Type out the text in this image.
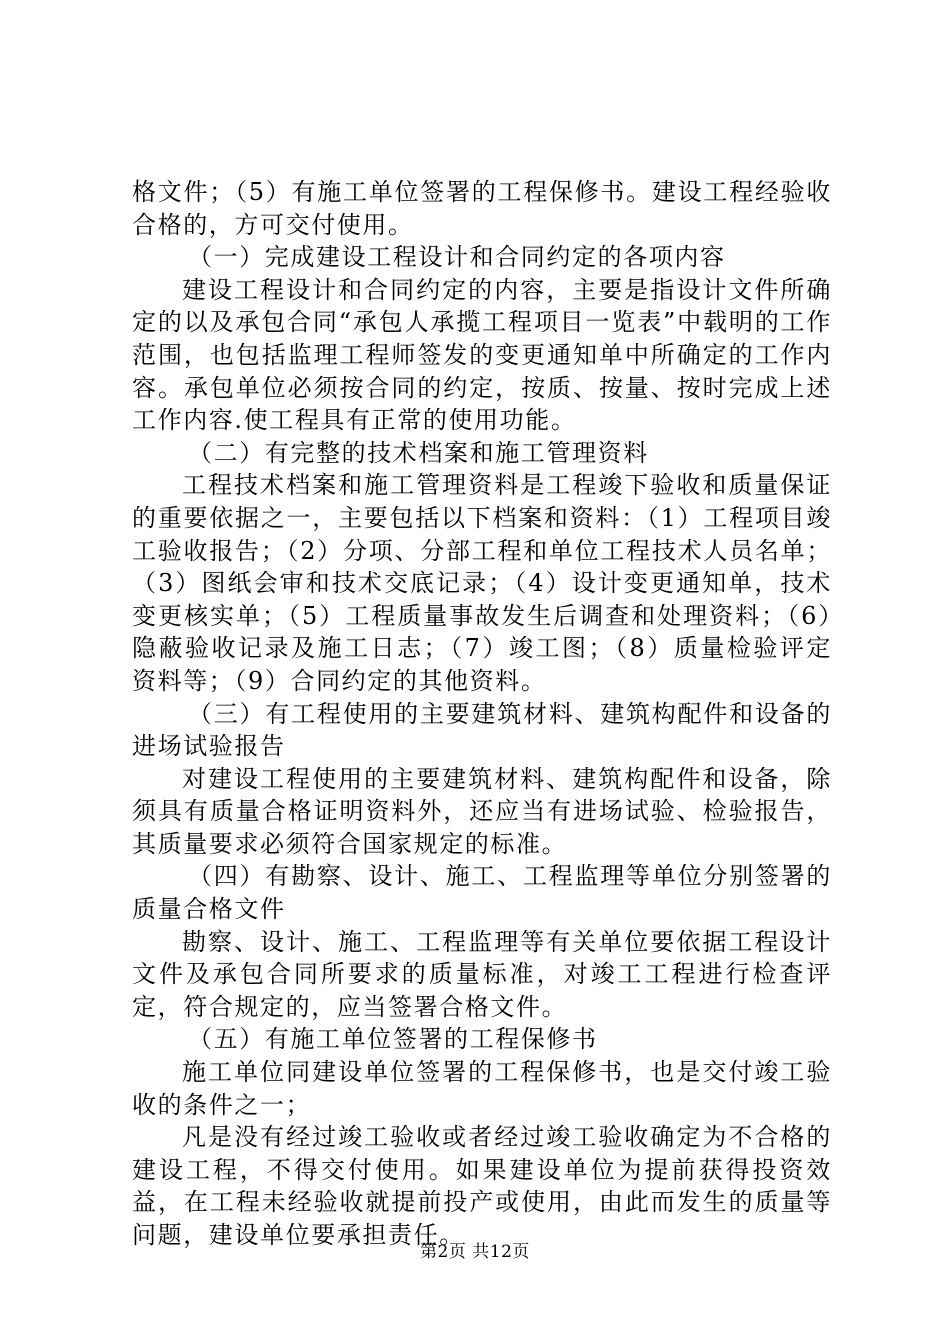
格文件；（5）有施工单位签署的工程保修书。建设工程经验收合格的，方可交付使用。

（一）完成建设工程设计和合同约定的各项内容

建设工程设计和合同约定的内容，主要是指设计文件所确定的以及承包合同“承包人承揽工程项目一览表”中载明的工作范围，也包括监理工程师签发的变更通知单中所确定的工作内容。承包单位必须按合同的约定，按质、按量、按时完成上述工作内容.使工程具有正常的使用功能。

（二）有完整的技术档案和施工管理资料

工程技术档案和施工管理资料是工程竣下验收和质量保证的重要依据之一，主要包括以下档案和资料：（1）工程项目竣工验收报告；（2）分项、分部工程和单位工程技术人员名单；（3）图纸会审和技术交底记录；（4）设计变更通知单，技术变更核实单；（5）工程质量事故发生后调查和处理资料；（6）隐蔽验收记录及施工日志；（7）竣工图；（8）质量检验评定资料等；（9）合同约定的其他资料。

（三）有工程使用的主要建筑材料、建筑构配件和设备的进场试验报告

对建设工程使用的主要建筑材料、建筑构配件和设备，除须具有质量合格证明资料外，还应当有进场试验、检验报告，其质量要求必须符合国家规定的标准。

（四）有勘察、设计、施工、工程监理等单位分别签署的质量合格文件

勘察、设计、施工、工程监理等有关单位要依据工程设计文件及承包合同所要求的质量标准，对竣工工程进行检查评定，符合规定的，应当签署合格文件。

（五）有施工单位签署的工程保修书

施工单位同建设单位签署的工程保修书，也是交付竣工验收的条件之一；

凡是没有经过竣工验收或者经过竣工验收确定为不合格的建设工程，不得交付使用。如果建设单位为提前获得投资效益，在工程未经验收就提前投产或使用，由此而发生的质量等问题，建设单位要承担责任。

第2页 共12页
